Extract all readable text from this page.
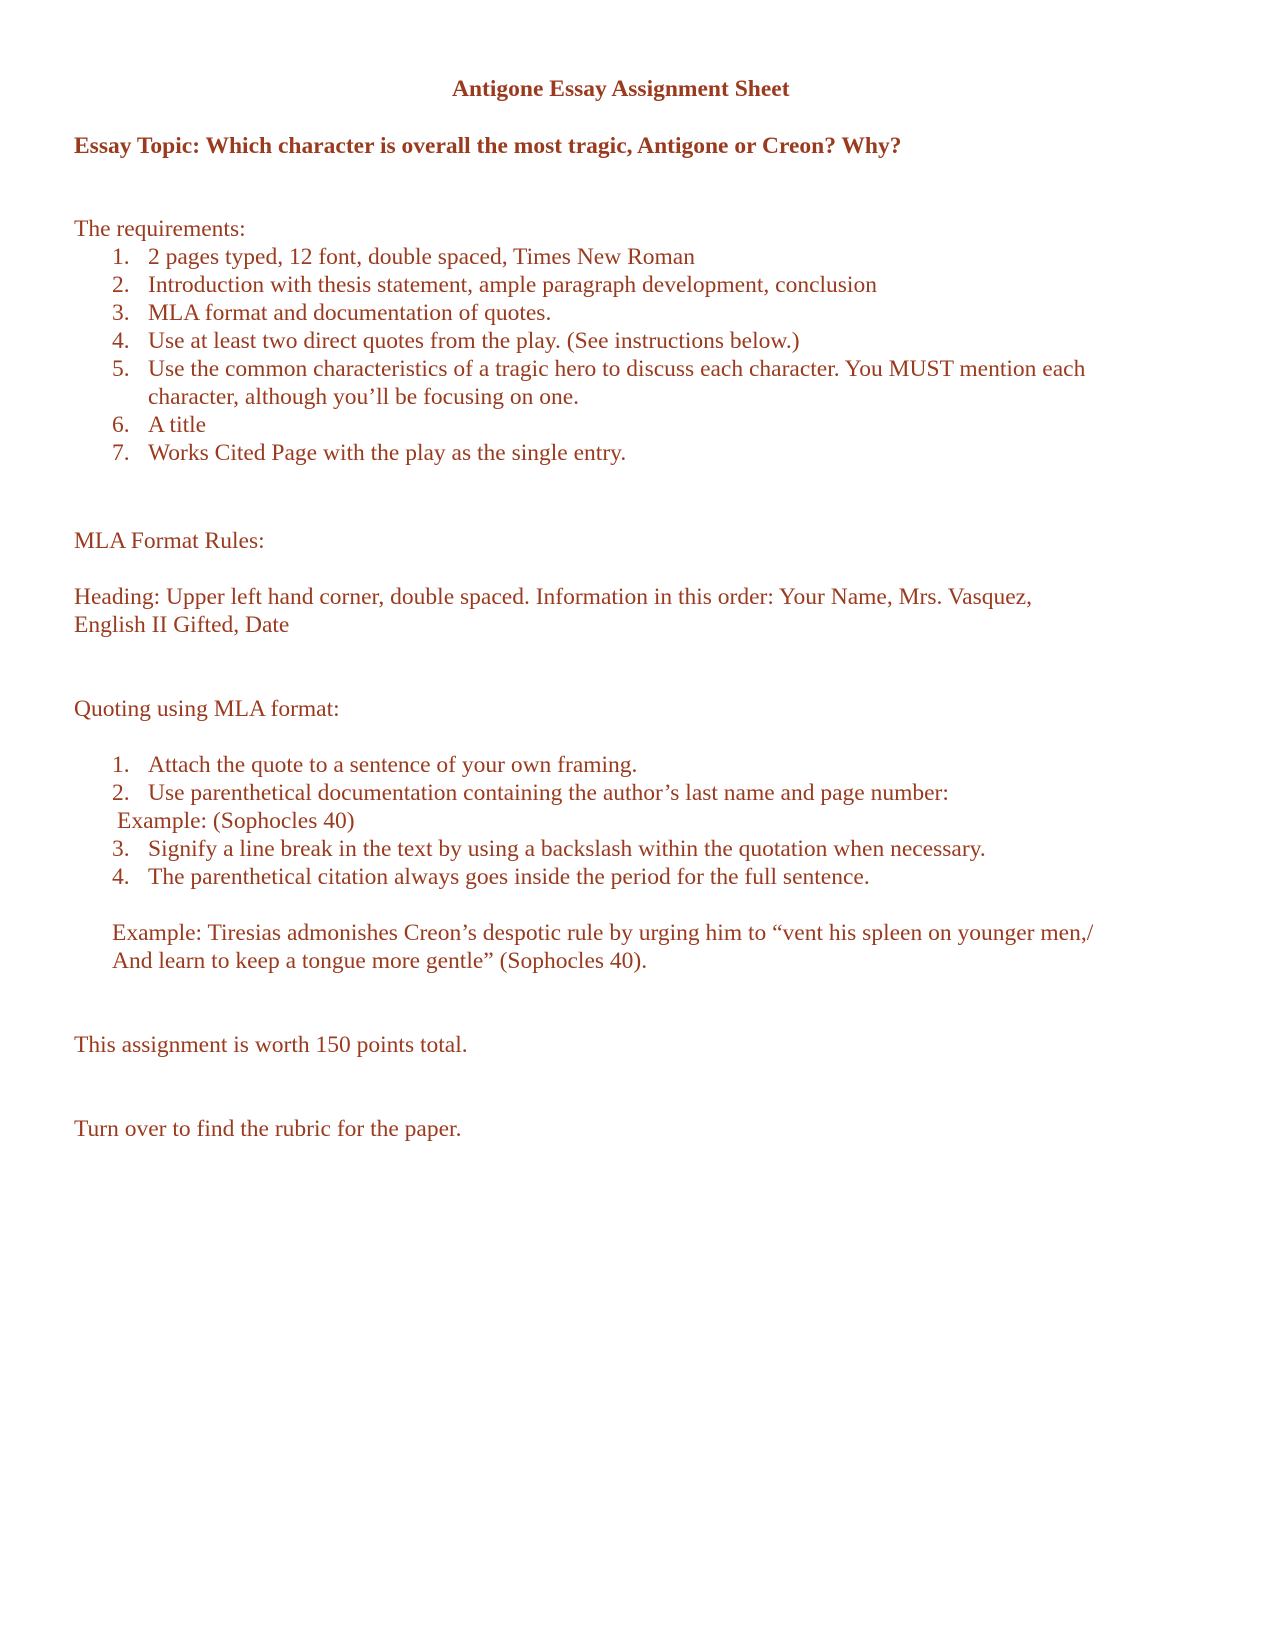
Antigone Essay Assignment Sheet
Essay Topic: Which character is overall the most tragic, Antigone or Creon? Why?
The requirements:
1. 2 pages typed, 12 font, double spaced, Times New Roman
2. Introduction with thesis statement, ample paragraph development, conclusion
3. MLA format and documentation of quotes.
4. Use at least two direct quotes from the play. (See instructions below.)
5. Use the common characteristics of a tragic hero to discuss each character. You MUST mention each
character, although you’ll be focusing on one.
6. A title
7. Works Cited Page with the play as the single entry.
MLA Format Rules:
Heading: Upper left hand corner, double spaced. Information in this order: Your Name, Mrs. Vasquez,
English II Gifted, Date
Quoting using MLA format:
1. Attach the quote to a sentence of your own framing.
2. Use parenthetical documentation containing the author’s last name and page number:
Example: (Sophocles 40)
3. Signify a line break in the text by using a backslash within the quotation when necessary.
4. The parenthetical citation always goes inside the period for the full sentence.
Example: Tiresias admonishes Creon’s despotic rule by urging him to “vent his spleen on younger men,/
And learn to keep a tongue more gentle” (Sophocles 40).
This assignment is worth 150 points total.
Turn over to find the rubric for the paper.
